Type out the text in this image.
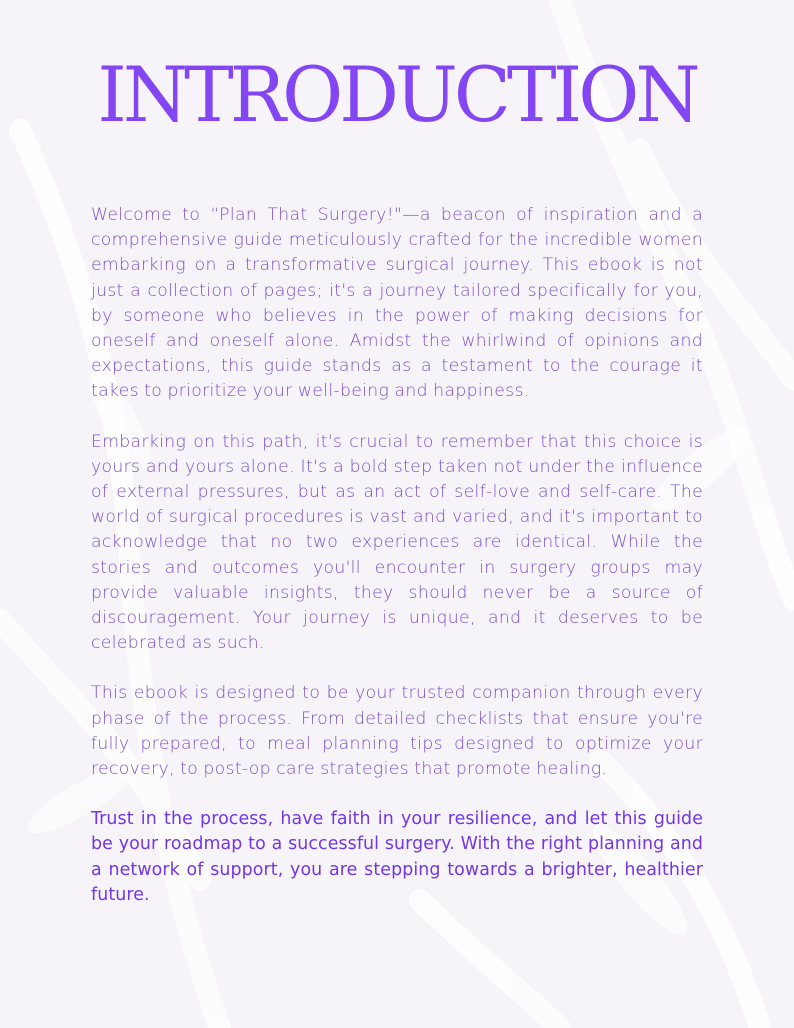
INTRODUCTION

Welcome to “Plan That Surgery!"—a beacon of inspiration and a comprehensive guide meticulously crafted for the incredible women embarking on a transformative surgical journey. This ebook is not just a collection of pages; it's a journey tailored specifically for you, by someone who believes in the power of making decisions for oneself and oneself alone. Amidst the whirlwind of opinions and expectations, this guide stands as a testament to the courage it takes to prioritize your well-being and happiness.

Embarking on this path, it's crucial to remember that this choice is yours and yours alone. It's a bold step taken not under the influence of external pressures, but as an act of self-love and self-care. The world of surgical procedures is vast and varied, and it's important to acknowledge that no two experiences are identical. While the stories and outcomes you'll encounter in surgery groups may provide valuable insights, they should never be a source of discouragement. Your journey is unique, and it deserves to be celebrated as such.

This ebook is designed to be your trusted companion through every phase of the process. From detailed checklists that ensure you're fully prepared, to meal planning tips designed to optimize your recovery, to post-op care strategies that promote healing.

Trust in the process, have faith in your resilience, and let this guide be your roadmap to a successful surgery. With the right planning and a network of support, you are stepping towards a brighter, healthier future.
